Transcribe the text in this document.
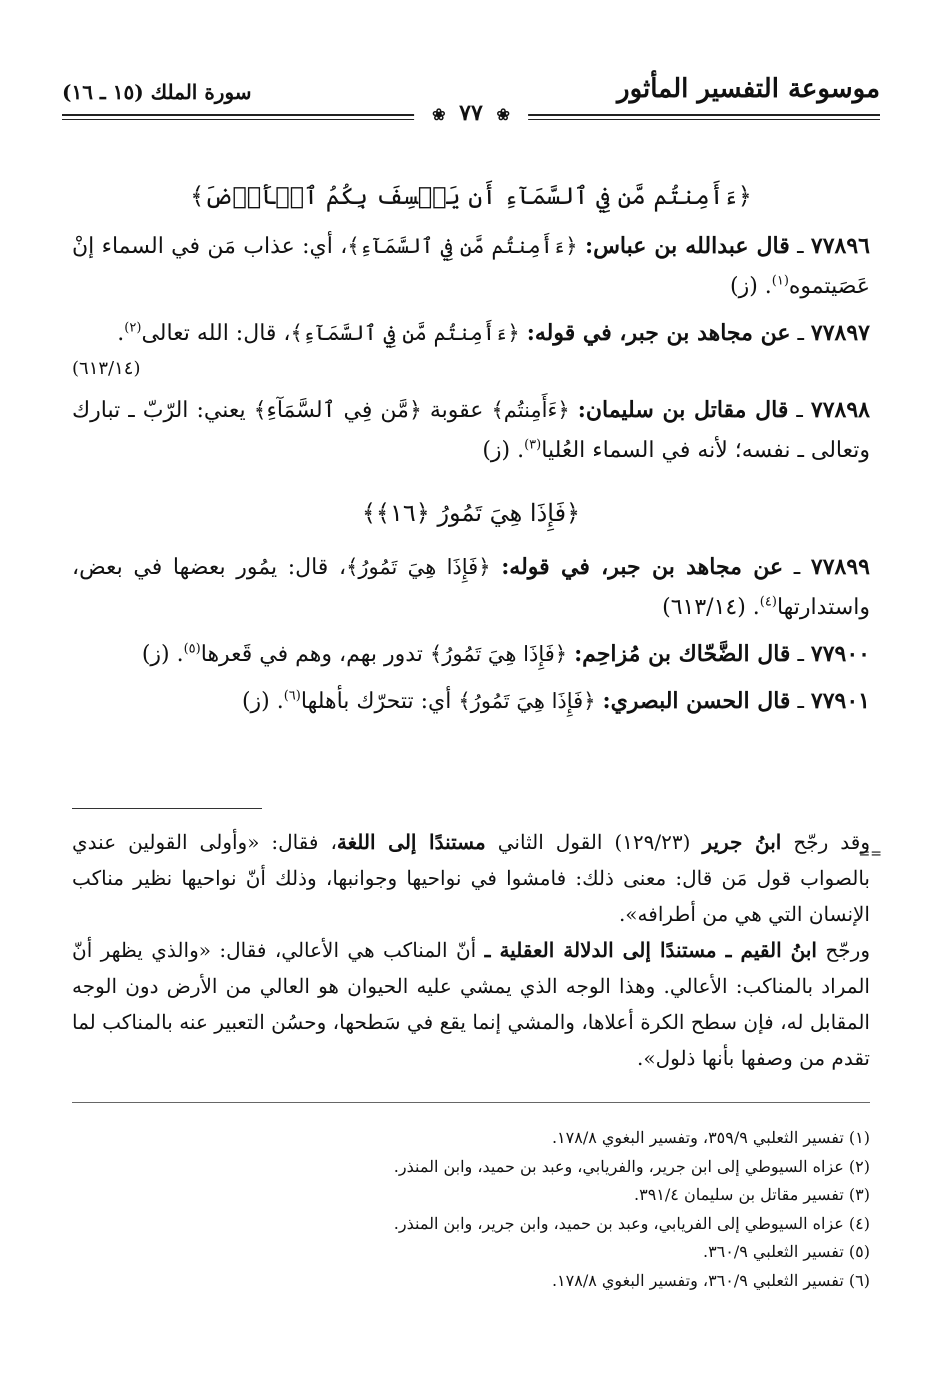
موسوعة التفسير المأثور
سورة الملك (١٥ ـ ١٦)
❀ ٧٧ ❀
﴿ءَأَمِنتُم مَّن فِي ٱلسَّمَآءِ أَن يَخۡسِفَ بِكُمُ ٱلۡأَرۡضَ﴾
٧٧٨٩٦ ـ قال عبدالله بن عباس: ﴿ءَأَمِنتُم مَّن فِي ٱلسَّمَآءِ﴾، أي: عذاب مَن في السماء إنْ عَصَيتموه$^{(١)}$. (ز)
٧٧٨٩٧ ـ عن مجاهد بن جبر، في قوله: ﴿ءَأَمِنتُم مَّن فِي ٱلسَّمَآءِ﴾، قال: الله تعالى$^{(٢)}$.
(٦١٣/١٤)
٧٧٨٩٨ ـ قال مقاتل بن سليمان: ﴿ءَأَمِنتُم﴾ عقوبة ﴿مَّن فِي ٱلسَّمَآءِ﴾ يعني: الرّبّ ـ تبارك وتعالى ـ نفسه؛ لأنه في السماء العُليا$^{(٣)}$. (ز)
﴿فَإِذَا هِيَ تَمُورُ ﴿١٦﴾﴾
٧٧٨٩٩ ـ عن مجاهد بن جبر، في قوله: ﴿فَإِذَا هِيَ تَمُورُ﴾، قال: يمُور بعضها في بعض، واستدارتها$^{(٤)}$. (٦١٣/١٤)
٧٧٩٠٠ ـ قال الضَّحّاك بن مُزاحِم: ﴿فَإِذَا هِيَ تَمُورُ﴾ تدور بهم، وهم في قَعرها$^{(٥)}$. (ز)
٧٧٩٠١ ـ قال الحسن البصري: ﴿فَإِذَا هِيَ تَمُورُ﴾ أي: تتحرّك بأهلها$^{(٦)}$. (ز)
==

وقد رجّح ابنُ جرير (١٢٩/٢٣) القول الثاني مستندًا إلى اللغة، فقال: «وأولى القولين عندي بالصواب قول مَن قال: معنى ذلك: فامشوا في نواحيها وجوانبها، وذلك أنّ نواحيها نظير مناكب الإنسان التي هي من أطرافه».

ورجّح ابنُ القيم ـ مستندًا إلى الدلالة العقلية ـ أنّ المناكب هي الأعالي، فقال: «والذي يظهر أنّ المراد بالمناكب: الأعالي. وهذا الوجه الذي يمشي عليه الحيوان هو العالي من الأرض دون الوجه المقابل له، فإن سطح الكرة أعلاها، والمشي إنما يقع في سَطحها، وحسُن التعبير عنه بالمناكب لما تقدم من وصفها بأنها ذلول».

(١) تفسير الثعلبي ٣٥٩/٩، وتفسير البغوي ١٧٨/٨.
(٢) عزاه السيوطي إلى ابن جرير، والفريابي، وعبد بن حميد، وابن المنذر.
(٣) تفسير مقاتل بن سليمان ٣٩١/٤.
(٤) عزاه السيوطي إلى الفريابي، وعبد بن حميد، وابن جرير، وابن المنذر.
(٥) تفسير الثعلبي ٣٦٠/٩.
(٦) تفسير الثعلبي ٣٦٠/٩، وتفسير البغوي ١٧٨/٨.
